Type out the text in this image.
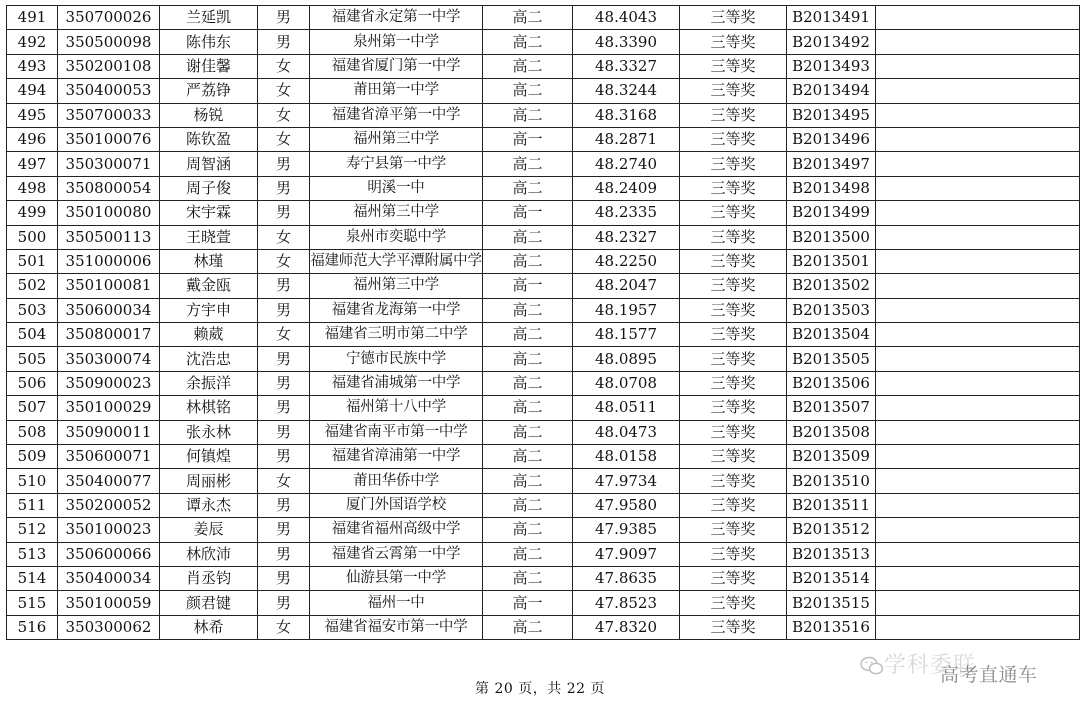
491	350700026	兰延凯	男	福建省永定第一中学	高二	48.4043	三等奖	B2013491	
492	350500098	陈伟东	男	泉州第一中学	高二	48.3390	三等奖	B2013492	
493	350200108	谢佳馨	女	福建省厦门第一中学	高二	48.3327	三等奖	B2013493	
494	350400053	严荔铮	女	莆田第一中学	高二	48.3244	三等奖	B2013494	
495	350700033	杨锐	女	福建省漳平第一中学	高二	48.3168	三等奖	B2013495	
496	350100076	陈钦盈	女	福州第三中学	高一	48.2871	三等奖	B2013496	
497	350300071	周智涵	男	寿宁县第一中学	高二	48.2740	三等奖	B2013497	
498	350800054	周子俊	男	明溪一中	高二	48.2409	三等奖	B2013498	
499	350100080	宋宇霖	男	福州第三中学	高一	48.2335	三等奖	B2013499	
500	350500113	王晓萱	女	泉州市奕聪中学	高二	48.2327	三等奖	B2013500	
501	351000006	林瑾	女	福建师范大学平潭附属中学	高二	48.2250	三等奖	B2013501	
502	350100081	戴金瓯	男	福州第三中学	高一	48.2047	三等奖	B2013502	
503	350600034	方宇申	男	福建省龙海第一中学	高二	48.1957	三等奖	B2013503	
504	350800017	赖葳	女	福建省三明市第二中学	高二	48.1577	三等奖	B2013504	
505	350300074	沈浩忠	男	宁德市民族中学	高二	48.0895	三等奖	B2013505	
506	350900023	余振洋	男	福建省浦城第一中学	高二	48.0708	三等奖	B2013506	
507	350100029	林棋铭	男	福州第十八中学	高二	48.0511	三等奖	B2013507	
508	350900011	张永林	男	福建省南平市第一中学	高二	48.0473	三等奖	B2013508	
509	350600071	何镇煌	男	福建省漳浦第一中学	高二	48.0158	三等奖	B2013509	
510	350400077	周丽彬	女	莆田华侨中学	高二	47.9734	三等奖	B2013510	
511	350200052	谭永杰	男	厦门外国语学校	高二	47.9580	三等奖	B2013511	
512	350100023	姜辰	男	福建省福州高级中学	高二	47.9385	三等奖	B2013512	
513	350600066	林欣沛	男	福建省云霄第一中学	高二	47.9097	三等奖	B2013513	
514	350400034	肖丞钧	男	仙游县第一中学	高二	47.8635	三等奖	B2013514	
515	350100059	颜君键	男	福州一中	高一	47.8523	三等奖	B2013515	
516	350300062	林希	女	福建省福安市第一中学	高二	47.8320	三等奖	B2013516	
第 20 页，共 22 页
学科委联
高考直通车
